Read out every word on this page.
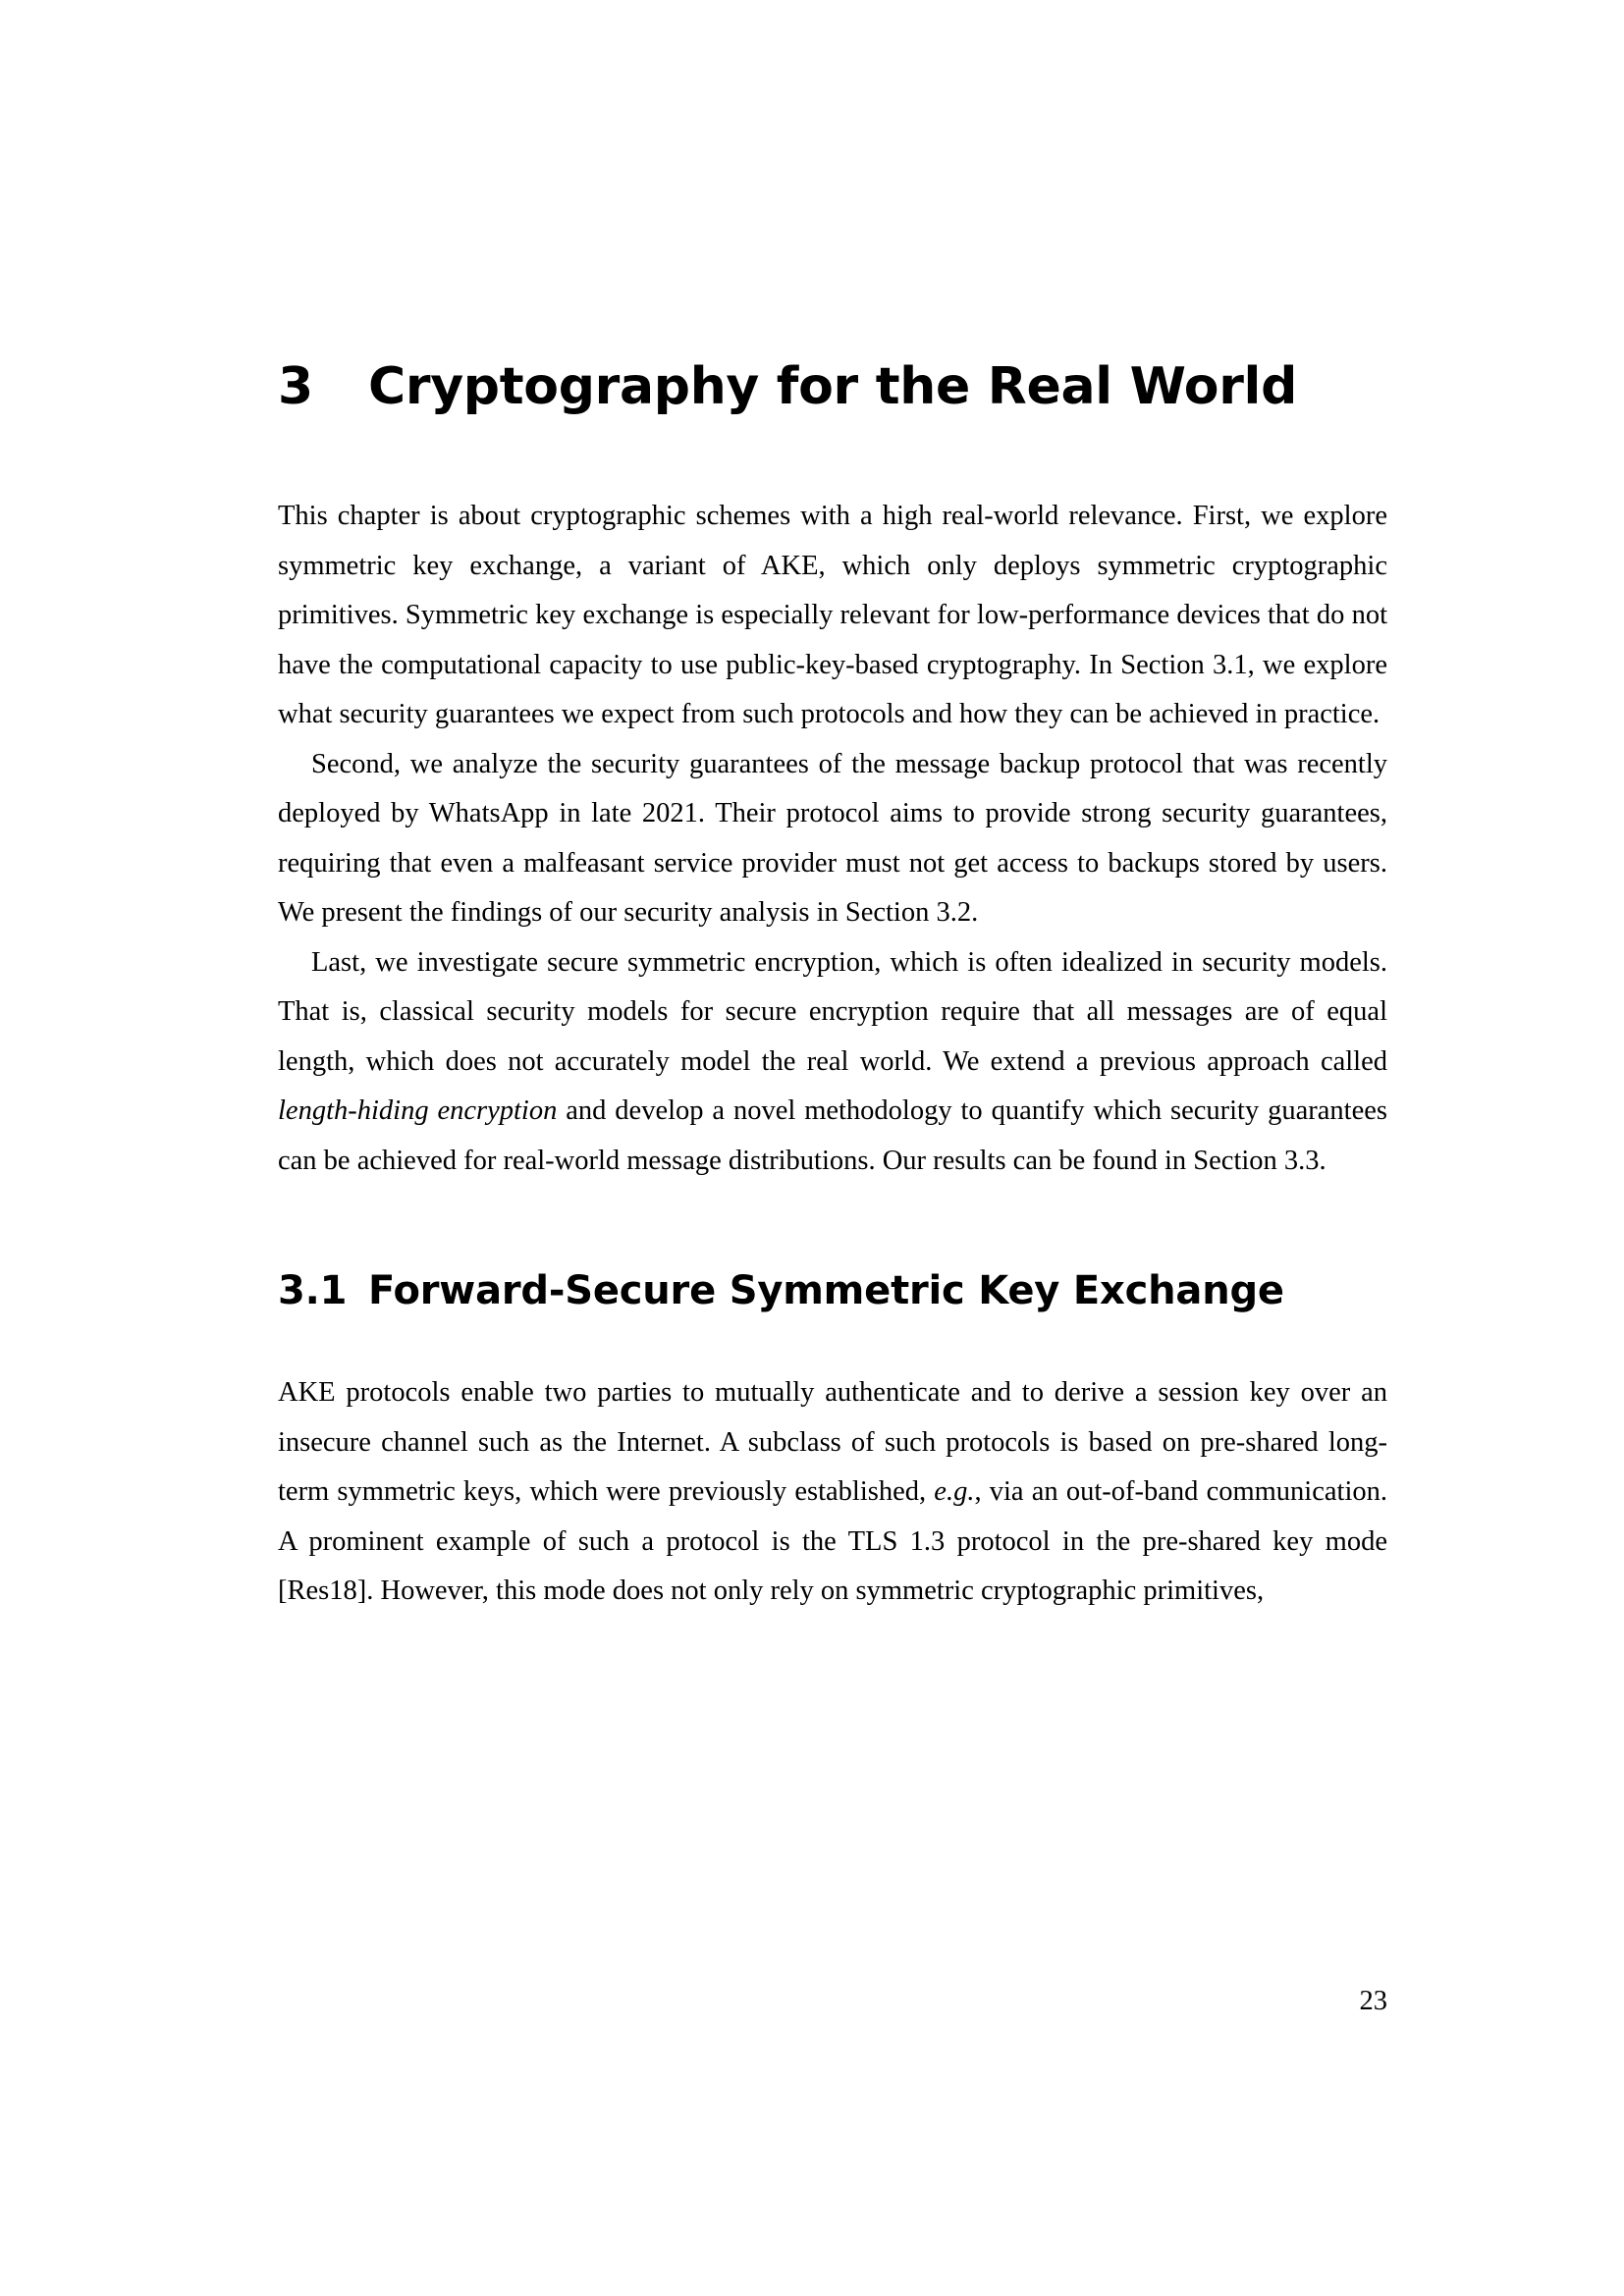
3 Cryptography for the Real World

This chapter is about cryptographic schemes with a high real-world relevance. First, we explore symmetric key exchange, a variant of AKE, which only deploys symmetric cryptographic primitives. Symmetric key exchange is especially relevant for low-performance devices that do not have the computational capacity to use public-key-based cryptography. In Section 3.1, we explore what security guarantees we expect from such protocols and how they can be achieved in practice.

Second, we analyze the security guarantees of the message backup protocol that was recently deployed by WhatsApp in late 2021. Their protocol aims to provide strong security guarantees, requiring that even a malfeasant service provider must not get access to backups stored by users. We present the findings of our security analysis in Section 3.2.

Last, we investigate secure symmetric encryption, which is often idealized in security models. That is, classical security models for secure encryption require that all messages are of equal length, which does not accurately model the real world. We extend a previous approach called length-hiding encryption and develop a novel methodology to quantify which security guarantees can be achieved for real-world message distributions. Our results can be found in Section 3.3.

3.1 Forward-Secure Symmetric Key Exchange

AKE protocols enable two parties to mutually authenticate and to derive a session key over an insecure channel such as the Internet. A subclass of such protocols is based on pre-shared long-term symmetric keys, which were previously established, e.g., via an out-of-band communication. A prominent example of such a protocol is the TLS 1.3 protocol in the pre-shared key mode [Res18]. However, this mode does not only rely on symmetric cryptographic primitives,

23
